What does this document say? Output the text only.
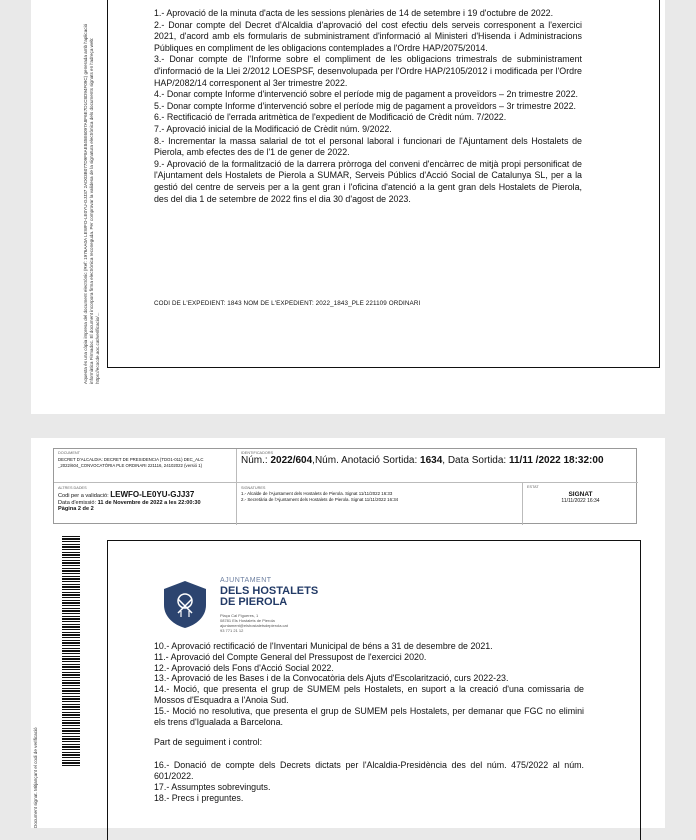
Aquesta és una còpia impresa del document electrònic (Ref: 1976AA0A LEWFO-LE0YU-GJJ37 2AD03B077D9F8AE845E6097A8F6E7D1C8D94F09C) generada amb l'aplicació informàtica Firmadoc. El document incorpora firma electrònica reconeguda. Per comprovar la validesa de la signatura electrònica dels documents signats en l'adreça web: https://ecocde.aoc.cat/verificacio/...
1.- Aprovació de la minuta d'acta de les sessions plenàries de 14 de setembre i 19 d'octubre de 2022.
2.- Donar compte del Decret d'Alcaldia d'aprovació del cost efectiu dels serveis corresponent a l'exercici 2021, d'acord amb els formularis de subministrament d'informació al Ministeri d'Hisenda i Administracions Públiques en compliment de les obligacions contemplades a l'Ordre HAP/2075/2014.
3.- Donar compte de l'Informe sobre el compliment de les obligacions trimestrals de subministrament d'informació de la Llei 2/2012 LOESPSF, desenvolupada per l'Ordre HAP/2105/2012 i modificada per l'Ordre HAP/2082/14 corresponent al 3er trimestre 2022.
4.- Donar compte Informe d'intervenció sobre el període mig de pagament a proveïdors – 2n trimestre 2022.
5.- Donar compte Informe d'intervenció sobre el període mig de pagament a proveïdors – 3r trimestre 2022.
6.- Rectificació de l'errada aritmètica de l'expedient de Modificació de Crèdit núm. 7/2022.
7.- Aprovació inicial de la Modificació de Crèdit núm. 9/2022.
8.- Incrementar la massa salarial de tot el personal laboral i funcionari de l'Ajuntament dels Hostalets de Pierola, amb efectes des de l'1 de gener de 2022.
9.- Aprovació de la formalització de la darrera pròrroga del conveni d'encàrrec de mitjà propi personificat de l'Ajuntament dels Hostalets de Pierola a SUMAR, Serveis Públics d'Acció Social de Catalunya SL, per a la gestió del centre de serveis per a la gent gran i l'oficina d'atenció a la gent gran dels Hostalets de Pierola, des del dia 1 de setembre de 2022 fins el dia 30 d'agost de 2023.
CODI DE L'EXPEDIENT: 1843 NOM DE L'EXPEDIENT: 2022_1843_PLE 221109 ORDINARI
DOCUMENT
DECRET D'ALCALDIA: DECRET DE PRESIDENCIA (TDO1-011) DEC_ALC _2022/604_CONVOCATÒRIA PLE ORDINARI 221116, 24102022 (versió 1)
IDENTIFICADORS
Núm.: 2022/604,Núm. Anotació Sortida: 1634, Data Sortida: 11/11 /2022 18:32:00
ALTRES DADES
Codi per a validació: LEWFO-LE0YU-GJJ37
Data d'emissió: 11 de Novembre de 2022 a les 22:00:30
Pàgina 2 de 2
SIGNATURES
1.- Alcalde de l'Ajuntament dels Hostalets de Pierola. Signat 11/11/2022 16:33
2.- Secretària de l'Ajuntament dels Hostalets de Pierola. Signat 11/11/2022 16:34
ESTAT
SIGNAT
11/11/2022 16:34
Document signat. Mitjançant el codi de verificació
AJUNTAMENT
DELS HOSTALETS
DE PIEROLA
Plaça Cal Figueres, 1
08781 Els Hostalets de Pierola
ajuntament@elshostaletsdepierola.cat
93 771 21 12
10.- Aprovació rectificació de l'Inventari Municipal de béns a 31 de desembre de 2021.
11.- Aprovació del Compte General del Pressupost de l'exercici 2020.
12.- Aprovació dels Fons d'Acció Social 2022.
13.- Aprovació de les Bases i de la Convocatòria dels Ajuts d'Escolarització, curs 2022-23.
14.- Moció, que presenta el grup de SUMEM pels Hostalets, en suport a la creació d'una comissaria de Mossos d'Esquadra a l'Anoia Sud.
15.- Moció no resolutiva, que presenta el grup de SUMEM pels Hostalets, per demanar que FGC no elimini els trens d'Igualada a Barcelona.
Part de seguiment i control:
16.- Donació de compte dels Decrets dictats per l'Alcaldia-Presidència des del núm. 475/2022 al núm. 601/2022.
17.- Assumptes sobrevinguts.
18.- Precs i preguntes.
